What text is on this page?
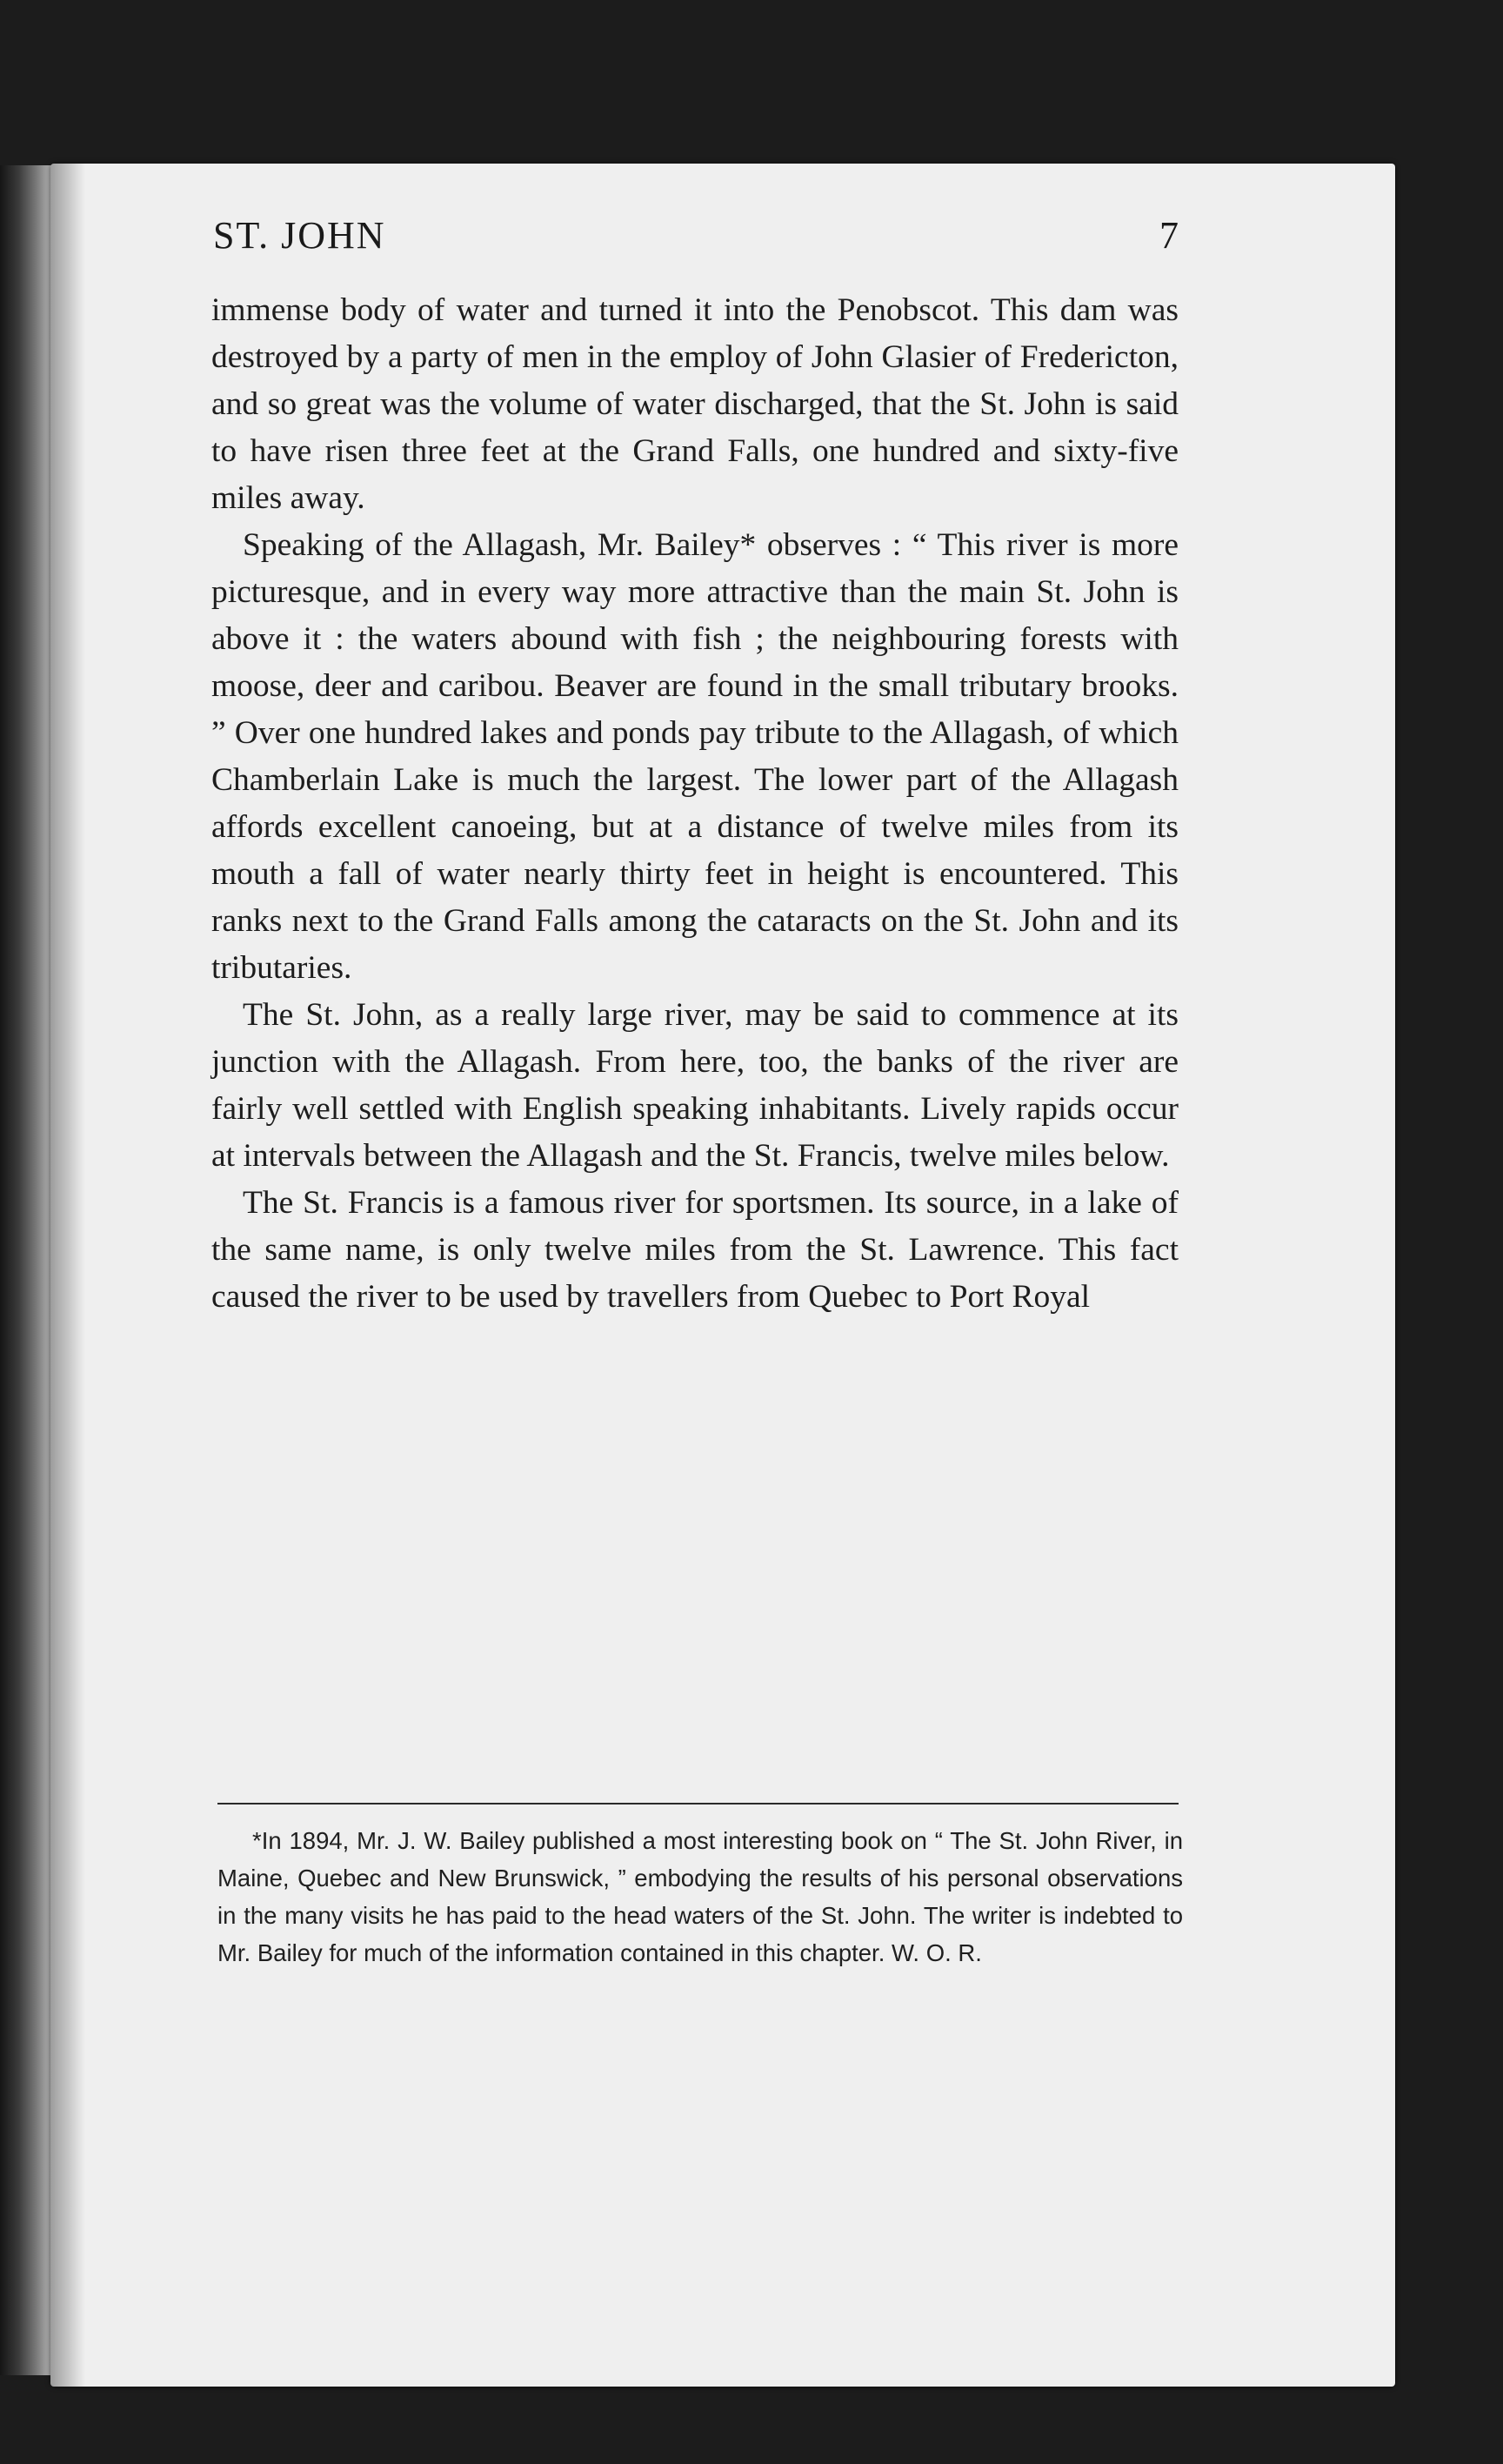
ST. JOHN	7

immense body of water and turned it into the Penobscot. This dam was destroyed by a party of men in the employ of John Glasier of Fredericton, and so great was the volume of water discharged, that the St. John is said to have risen three feet at the Grand Falls, one hundred and sixty-five miles away.

Speaking of the Allagash, Mr. Bailey* observes : “ This river is more picturesque, and in every way more attractive than the main St. John is above it : the waters abound with fish ; the neighbouring forests with moose, deer and caribou. Beaver are found in the small tributary brooks. ” Over one hundred lakes and ponds pay tribute to the Allagash, of which Chamberlain Lake is much the largest. The lower part of the Allagash affords excellent canoeing, but at a distance of twelve miles from its mouth a fall of water nearly thirty feet in height is encountered. This ranks next to the Grand Falls among the cataracts on the St. John and its tributaries.

The St. John, as a really large river, may be said to commence at its junction with the Allagash. From here, too, the banks of the river are fairly well settled with English speaking inhabitants. Lively rapids occur at intervals between the Allagash and the St. Francis, twelve miles below.

The St. Francis is a famous river for sportsmen. Its source, in a lake of the same name, is only twelve miles from the St. Lawrence. This fact caused the river to be used by travellers from Quebec to Port Royal

*In 1894, Mr. J. W. Bailey published a most interesting book on “ The St. John River, in Maine, Quebec and New Brunswick, ” embodying the results of his personal observations in the many visits he has paid to the head waters of the St. John. The writer is indebted to Mr. Bailey for much of the information contained in this chapter. W. O. R.
